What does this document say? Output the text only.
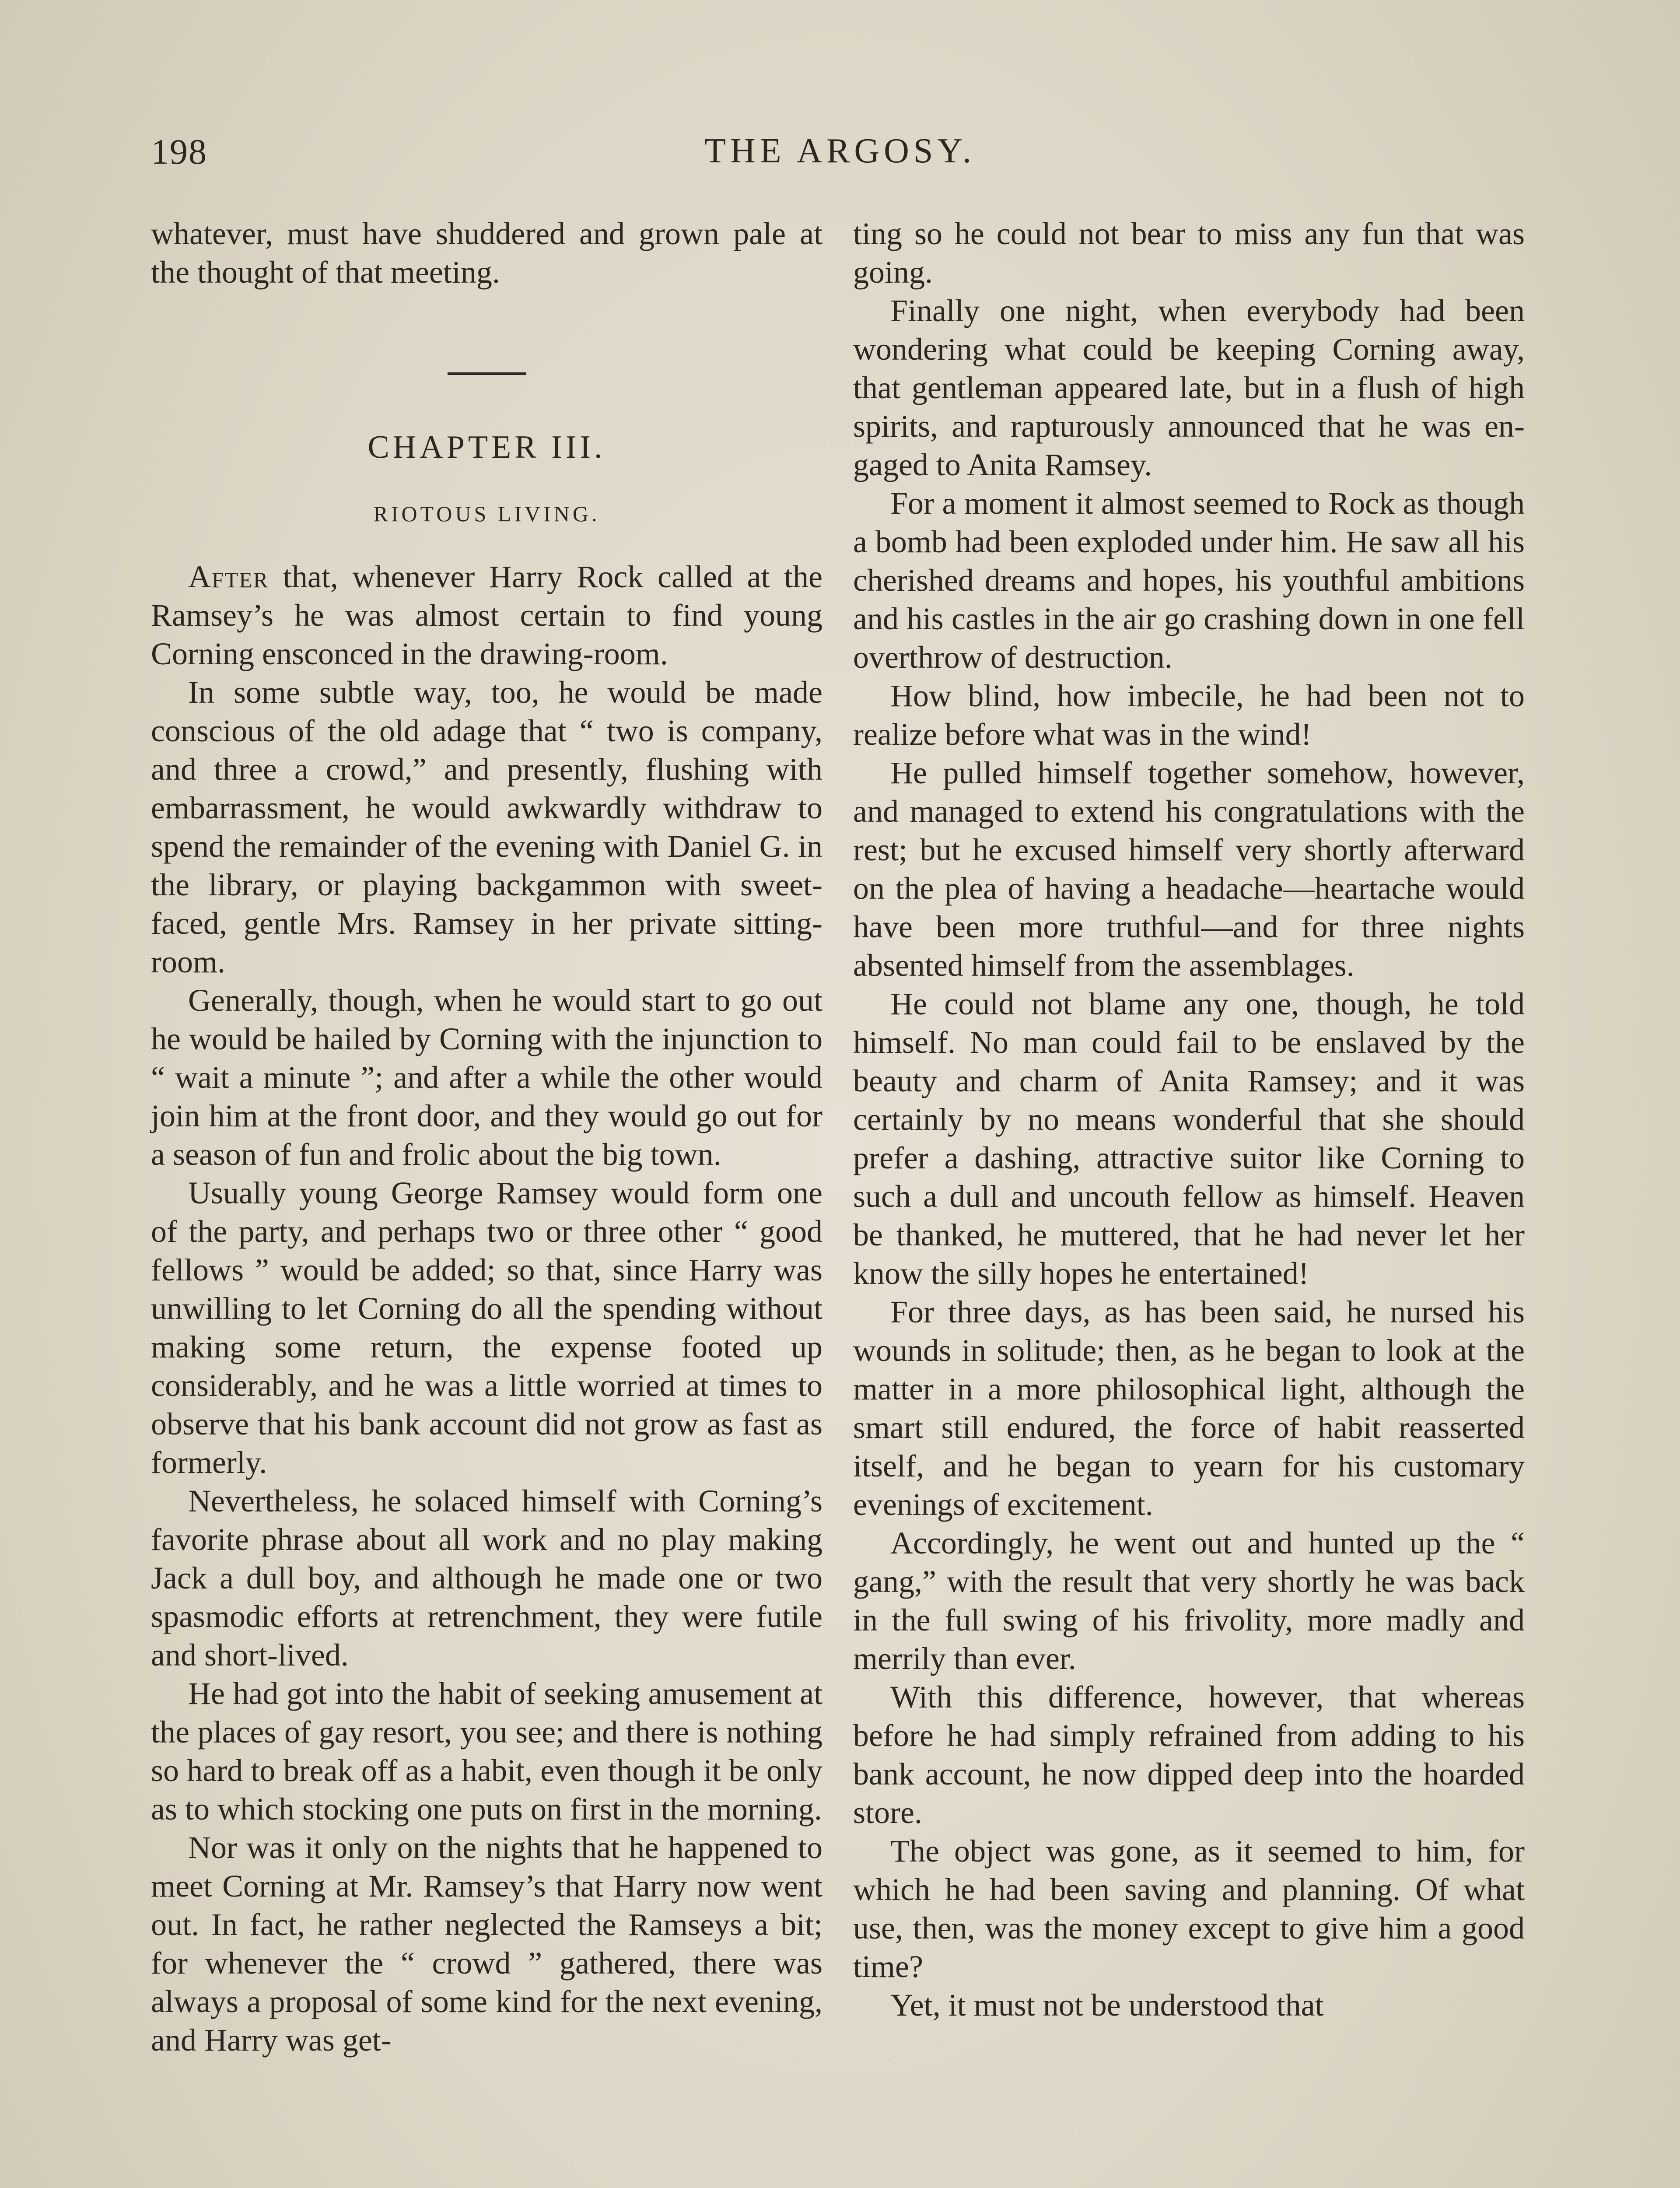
198	THE ARGOSY.

whatever, must have shuddered and grown pale at the thought of that meeting.

CHAPTER III.
RIOTOUS LIVING.

After that, whenever Harry Rock called at the Ramsey’s he was almost certain to find young Corning ensconced in the drawing-room.

In some subtle way, too, he would be made conscious of the old adage that “ two is company, and three a crowd,” and presently, flushing with embarrassment, he would awkwardly withdraw to spend the remainder of the evening with Daniel G. in the library, or playing backgammon with sweet-faced, gentle Mrs. Ramsey in her private sitting-room.

Generally, though, when he would start to go out he would be hailed by Corning with the injunction to “ wait a minute ”; and after a while the other would join him at the front door, and they would go out for a season of fun and frolic about the big town.

Usually young George Ramsey would form one of the party, and perhaps two or three other “ good fellows ” would be added; so that, since Harry was unwilling to let Corning do all the spending without making some return, the expense footed up considerably, and he was a little worried at times to observe that his bank account did not grow as fast as formerly.

Nevertheless, he solaced himself with Corning’s favorite phrase about all work and no play making Jack a dull boy, and although he made one or two spasmodic efforts at retrenchment, they were futile and short-lived.

He had got into the habit of seeking amusement at the places of gay resort, you see; and there is nothing so hard to break off as a habit, even though it be only as to which stocking one puts on first in the morning.

Nor was it only on the nights that he happened to meet Corning at Mr. Ramsey’s that Harry now went out. In fact, he rather neglected the Ramseys a bit; for whenever the “ crowd ” gathered, there was always a proposal of some kind for the next evening, and Harry was get-

ting so he could not bear to miss any fun that was going.

Finally one night, when everybody had been wondering what could be keeping Corning away, that gentleman appeared late, but in a flush of high spirits, and rapturously announced that he was engaged to Anita Ramsey.

For a moment it almost seemed to Rock as though a bomb had been exploded under him. He saw all his cherished dreams and hopes, his youthful ambitions and his castles in the air go crashing down in one fell overthrow of destruction.

How blind, how imbecile, he had been not to realize before what was in the wind!

He pulled himself together somehow, however, and managed to extend his congratulations with the rest; but he excused himself very shortly afterward on the plea of having a headache—heartache would have been more truthful—and for three nights absented himself from the assemblages.

He could not blame any one, though, he told himself. No man could fail to be enslaved by the beauty and charm of Anita Ramsey; and it was certainly by no means wonderful that she should prefer a dashing, attractive suitor like Corning to such a dull and uncouth fellow as himself. Heaven be thanked, he muttered, that he had never let her know the silly hopes he entertained!

For three days, as has been said, he nursed his wounds in solitude; then, as he began to look at the matter in a more philosophical light, although the smart still endured, the force of habit reasserted itself, and he began to yearn for his customary evenings of excitement.

Accordingly, he went out and hunted up the “ gang,” with the result that very shortly he was back in the full swing of his frivolity, more madly and merrily than ever.

With this difference, however, that whereas before he had simply refrained from adding to his bank account, he now dipped deep into the hoarded store.

The object was gone, as it seemed to him, for which he had been saving and planning. Of what use, then, was the money except to give him a good time?

Yet, it must not be understood that
